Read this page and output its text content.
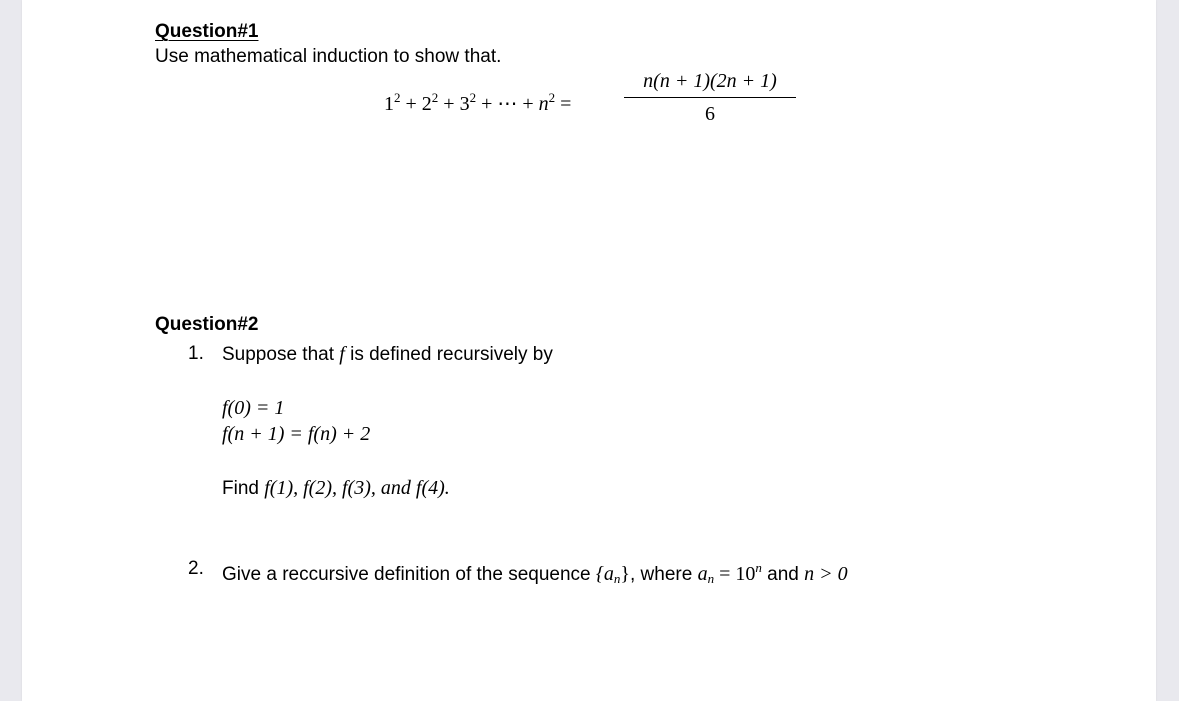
Question#1
Use mathematical induction to show that.
$1^2 + 2^2 + 3^2$ + ⋯ + $n^2$ =
n(n + 1)(2n + 1)
6
Question#2
1. Suppose that f is defined recursively by
f(0) = 1
f(n + 1) = f(n) + 2
Find f(1), f(2), f(3), and f(4).
2. Give a reccursive definition of the sequence $\{a_n\}$, where $a_n = 10^n$ and n > 0
